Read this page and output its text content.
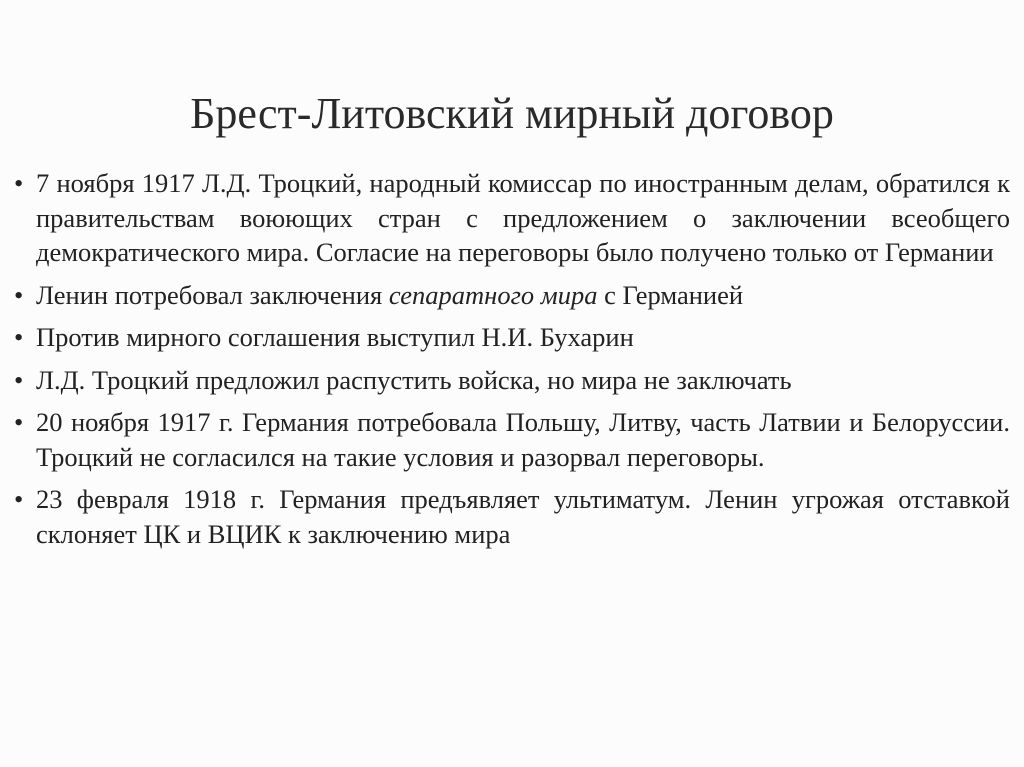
Брест-Литовский мирный договор
• 7 ноября 1917 Л.Д. Троцкий, народный комиссар по иностранным делам, обратился к правительствам воюющих стран с предложением о заключении всеобщего демократического мира. Согласие на переговоры было получено только от Германии
• Ленин потребовал заключения сепаратного мира с Германией
• Против мирного соглашения выступил Н.И. Бухарин
• Л.Д. Троцкий предложил распустить войска, но мира не заключать
• 20 ноября 1917 г. Германия потребовала Польшу, Литву, часть Латвии и Белоруссии. Троцкий не согласился на такие условия и разорвал переговоры.
• 23 февраля 1918 г. Германия предъявляет ультиматум. Ленин угрожая отставкой склоняет ЦК и ВЦИК к заключению мира
